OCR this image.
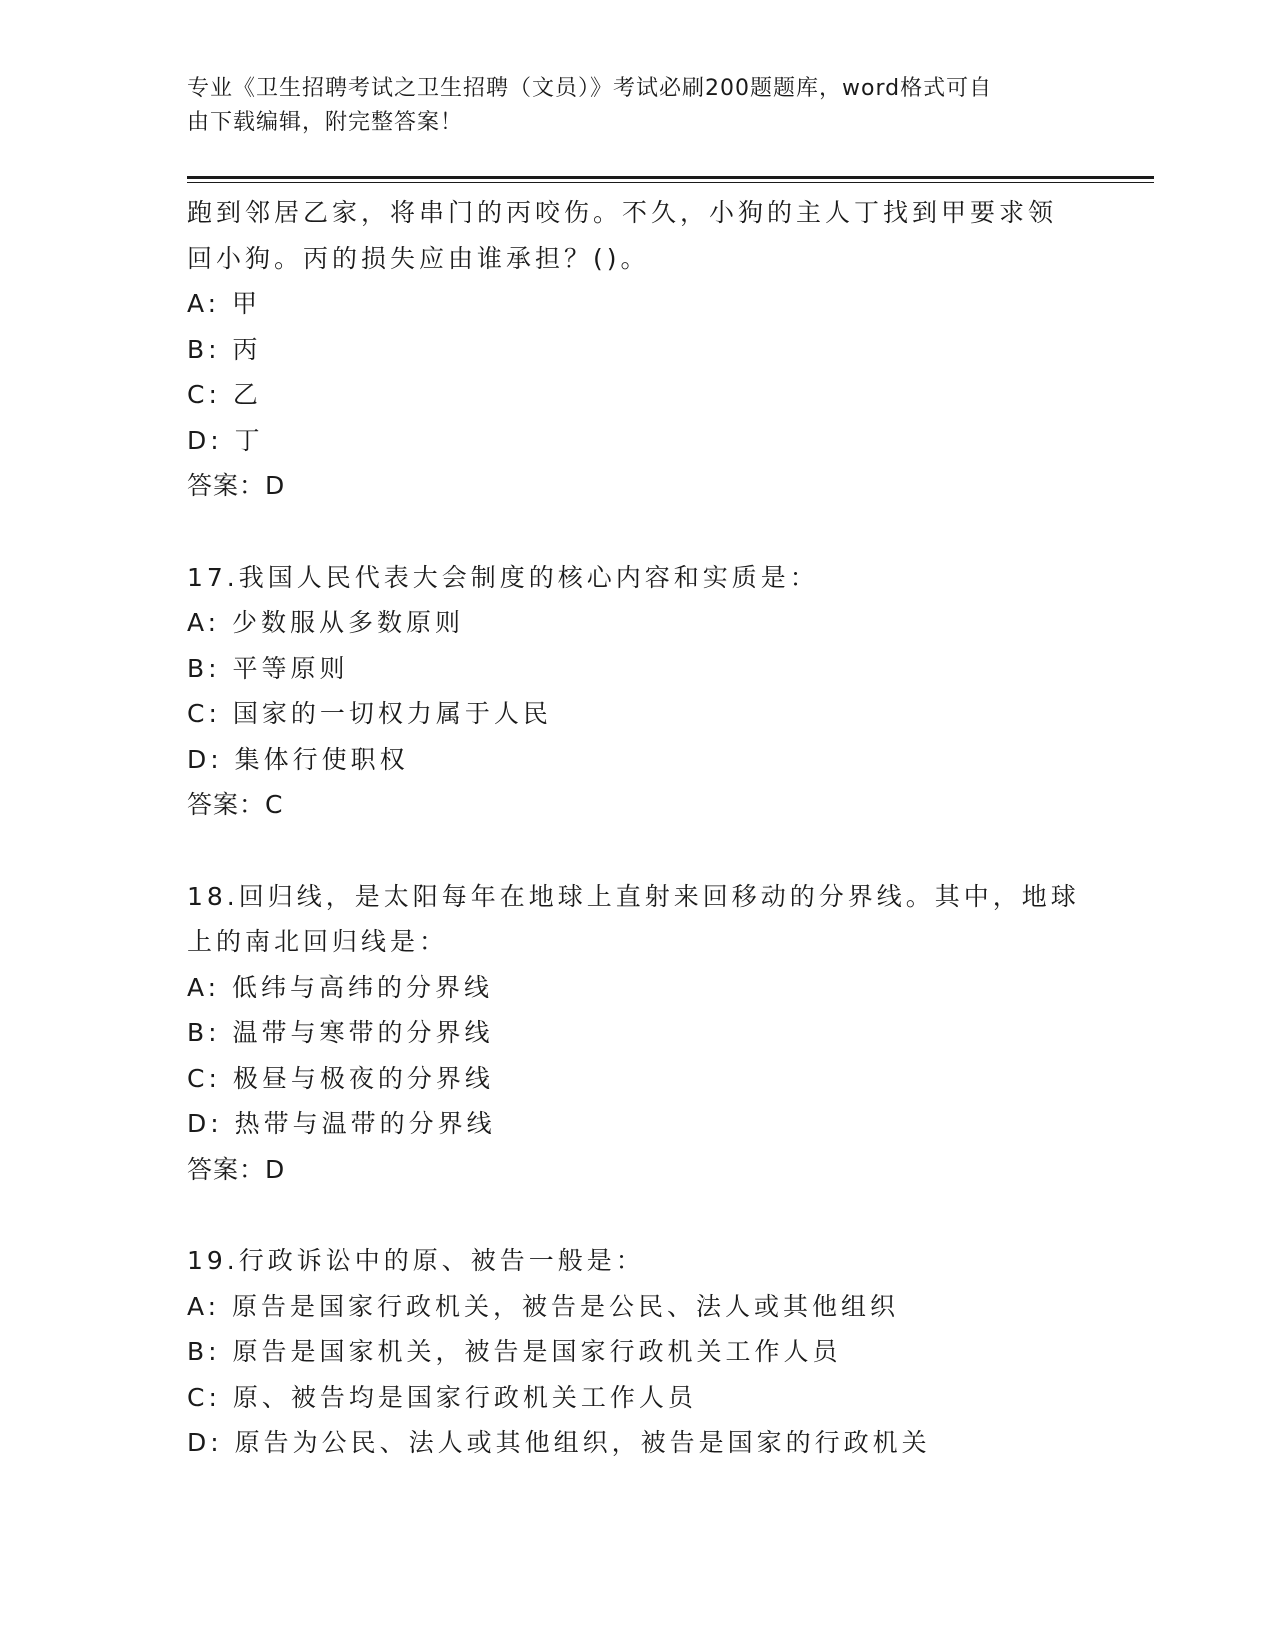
专业《卫生招聘考试之卫生招聘（文员）》考试必刷200题题库，word格式可自
由下载编辑，附完整答案！
跑到邻居乙家，将串门的丙咬伤。不久，小狗的主人丁找到甲要求领
回小狗。丙的损失应由谁承担？()。
A: 甲
B: 丙
C: 乙
D: 丁
答案：D
17.我国人民代表大会制度的核心内容和实质是：
A: 少数服从多数原则
B: 平等原则
C: 国家的一切权力属于人民
D: 集体行使职权
答案：C
18.回归线，是太阳每年在地球上直射来回移动的分界线。其中，地球
上的南北回归线是：
A: 低纬与高纬的分界线
B: 温带与寒带的分界线
C: 极昼与极夜的分界线
D: 热带与温带的分界线
答案：D
19.行政诉讼中的原、被告一般是：
A: 原告是国家行政机关，被告是公民、法人或其他组织
B: 原告是国家机关，被告是国家行政机关工作人员
C: 原、被告均是国家行政机关工作人员
D: 原告为公民、法人或其他组织，被告是国家的行政机关
